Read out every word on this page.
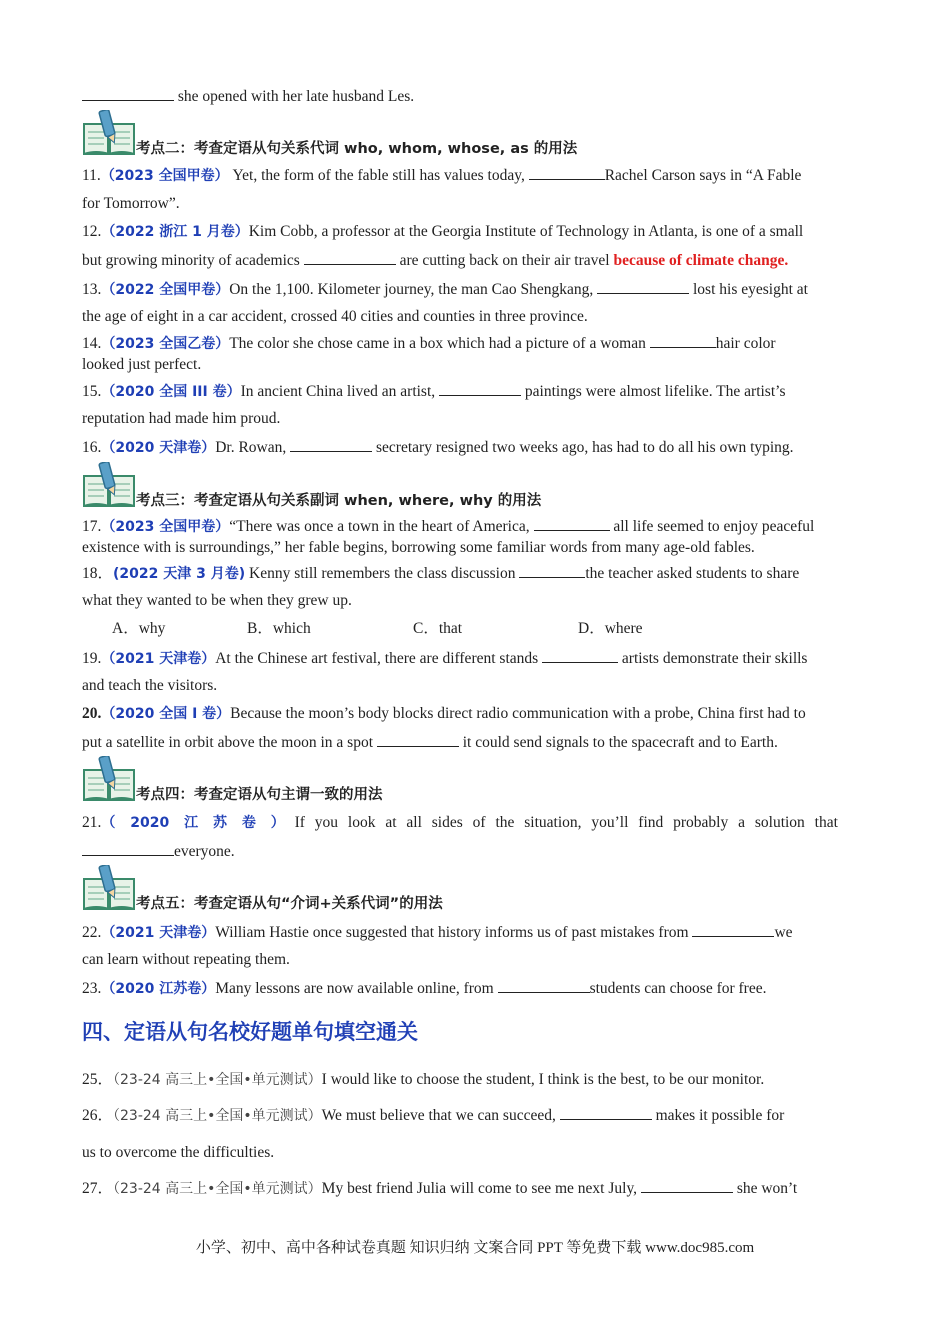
she opened with her late husband Les.
考点二：考查定语从句关系代词 who, whom, whose, as 的用法
11.（2023 全国甲卷） Yet, the form of the fable still has values today,	Rachel Carson says in “A Fable
for Tomorrow”.
12.（2022 浙江 1 月卷）Kim Cobb, a professor at the Georgia Institute of Technology in Atlanta, is one of a small
but growing minority of academics	are cutting back on their air travel because of climate change.
13.（2022 全国甲卷）On the 1,100. Kilometer journey, the man Cao Shengkang,	lost his eyesight at
the age of eight in a car accident, crossed 40 cities and counties in three province.
14.（2023 全国乙卷）The color she chose came in a box which had a picture of a woman	hair color
looked just perfect.
15.（2020 全国 III 卷）In ancient China lived an artist,	paintings were almost lifelike. The artist’s
reputation had made him proud.
16.（2020 天津卷）Dr. Rowan,	secretary resigned two weeks ago, has had to do all his own typing.
考点三：考查定语从句关系副词 when, where, why 的用法
17.（2023 全国甲卷）“There was once a town in the heart of America,	all life seemed to enjoy peaceful
existence with is surroundings,” her fable begins, borrowing some familiar words from many age-old fables.
18．(2022 天津 3 月卷) Kenny still remembers the class discussion	the teacher asked students to share
what they wanted to be when they grew up.
A．why	B．which	C．that	D．where
19.（2021 天津卷）At the Chinese art festival, there are different stands	artists demonstrate their skills
and teach the visitors.
20.（2020 全国 I 卷）Because the moon’s body blocks direct radio communication with a probe, China first had to
put a satellite in orbit above the moon in a spot	it could send signals to the spacecraft and to Earth.
考点四：考查定语从句主谓一致的用法
21.（ 2020 江 苏 卷 ） If you look at all sides of the situation, you’ll find probably a solution that
everyone.
考点五：考查定语从句“介词+关系代词”的用法
22.（2021 天津卷）William Hastie once suggested that history informs us of past mistakes from	we
can learn without repeating them.
23.（2020 江苏卷）Many lessons are now available online, from	students can choose for free.
四、定语从句名校好题单句填空通关
25．（23-24 高三上•全国•单元测试）I would like to choose the student, I think is the best, to be our monitor.
26．（23-24 高三上•全国•单元测试）We must believe that we can succeed,	makes it possible for
us to overcome the difficulties.
27．（23-24 高三上•全国•单元测试）My best friend Julia will come to see me next July,	she won’t
小学、初中、高中各种试卷真题 知识归纳 文案合同 PPT 等免费下载 www.doc985.com
